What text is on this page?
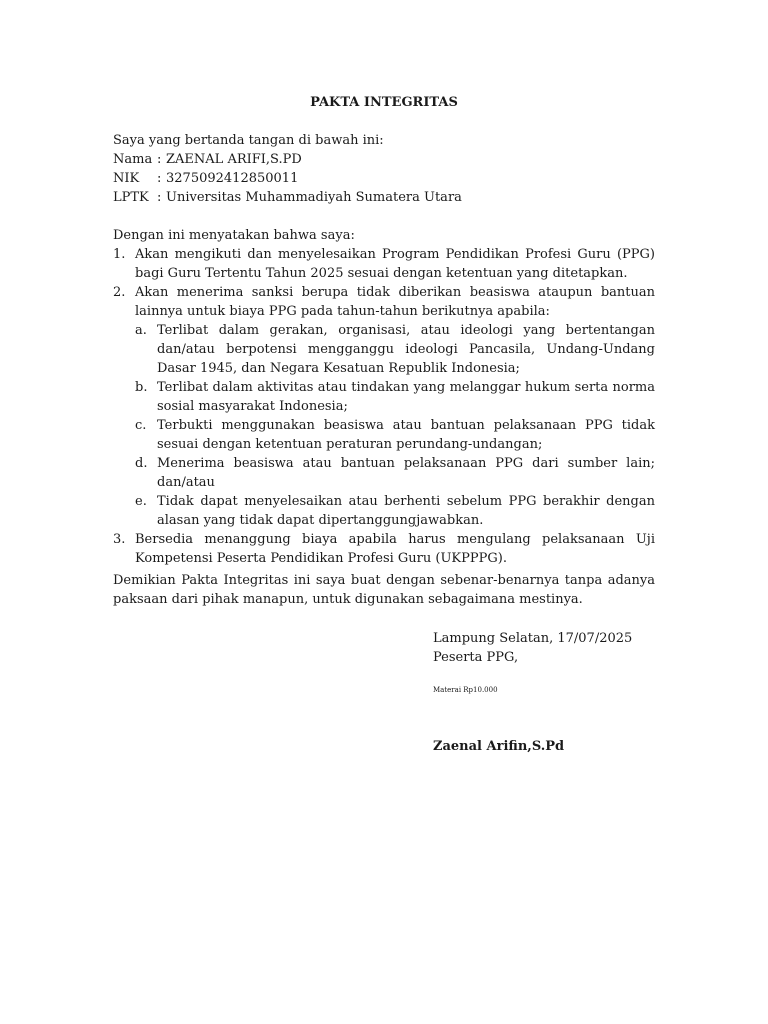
PAKTA INTEGRITAS
Saya yang bertanda tangan di bawah ini:
Nama : ZAENAL ARIFI,S.PD
NIK	: 3275092412850011
LPTK : Universitas Muhammadiyah Sumatera Utara
Dengan ini menyatakan bahwa saya:
1. Akan mengikuti dan menyelesaikan Program Pendidikan Profesi Guru (PPG) bagi Guru Tertentu Tahun 2025 sesuai dengan ketentuan yang ditetapkan.
2. Akan menerima sanksi berupa tidak diberikan beasiswa ataupun bantuan lainnya untuk biaya PPG pada tahun-tahun berikutnya apabila:
a. Terlibat dalam gerakan, organisasi, atau ideologi yang bertentangan dan/atau berpotensi mengganggu ideologi Pancasila, Undang-Undang Dasar 1945, dan Negara Kesatuan Republik Indonesia;
b. Terlibat dalam aktivitas atau tindakan yang melanggar hukum serta norma sosial masyarakat Indonesia;
c. Terbukti menggunakan beasiswa atau bantuan pelaksanaan PPG tidak sesuai dengan ketentuan peraturan perundang-undangan;
d. Menerima beasiswa atau bantuan pelaksanaan PPG dari sumber lain; dan/atau
e. Tidak dapat menyelesaikan atau berhenti sebelum PPG berakhir dengan alasan yang tidak dapat dipertanggungjawabkan.
3. Bersedia menanggung biaya apabila harus mengulang pelaksanaan Uji Kompetensi Peserta Pendidikan Profesi Guru (UKPPPG).
Demikian Pakta Integritas ini saya buat dengan sebenar-benarnya tanpa adanya paksaan dari pihak manapun, untuk digunakan sebagaimana mestinya.
Lampung Selatan, 17/07/2025
Peserta PPG,
Materai Rp10.000
Zaenal Arifin,S.Pd
